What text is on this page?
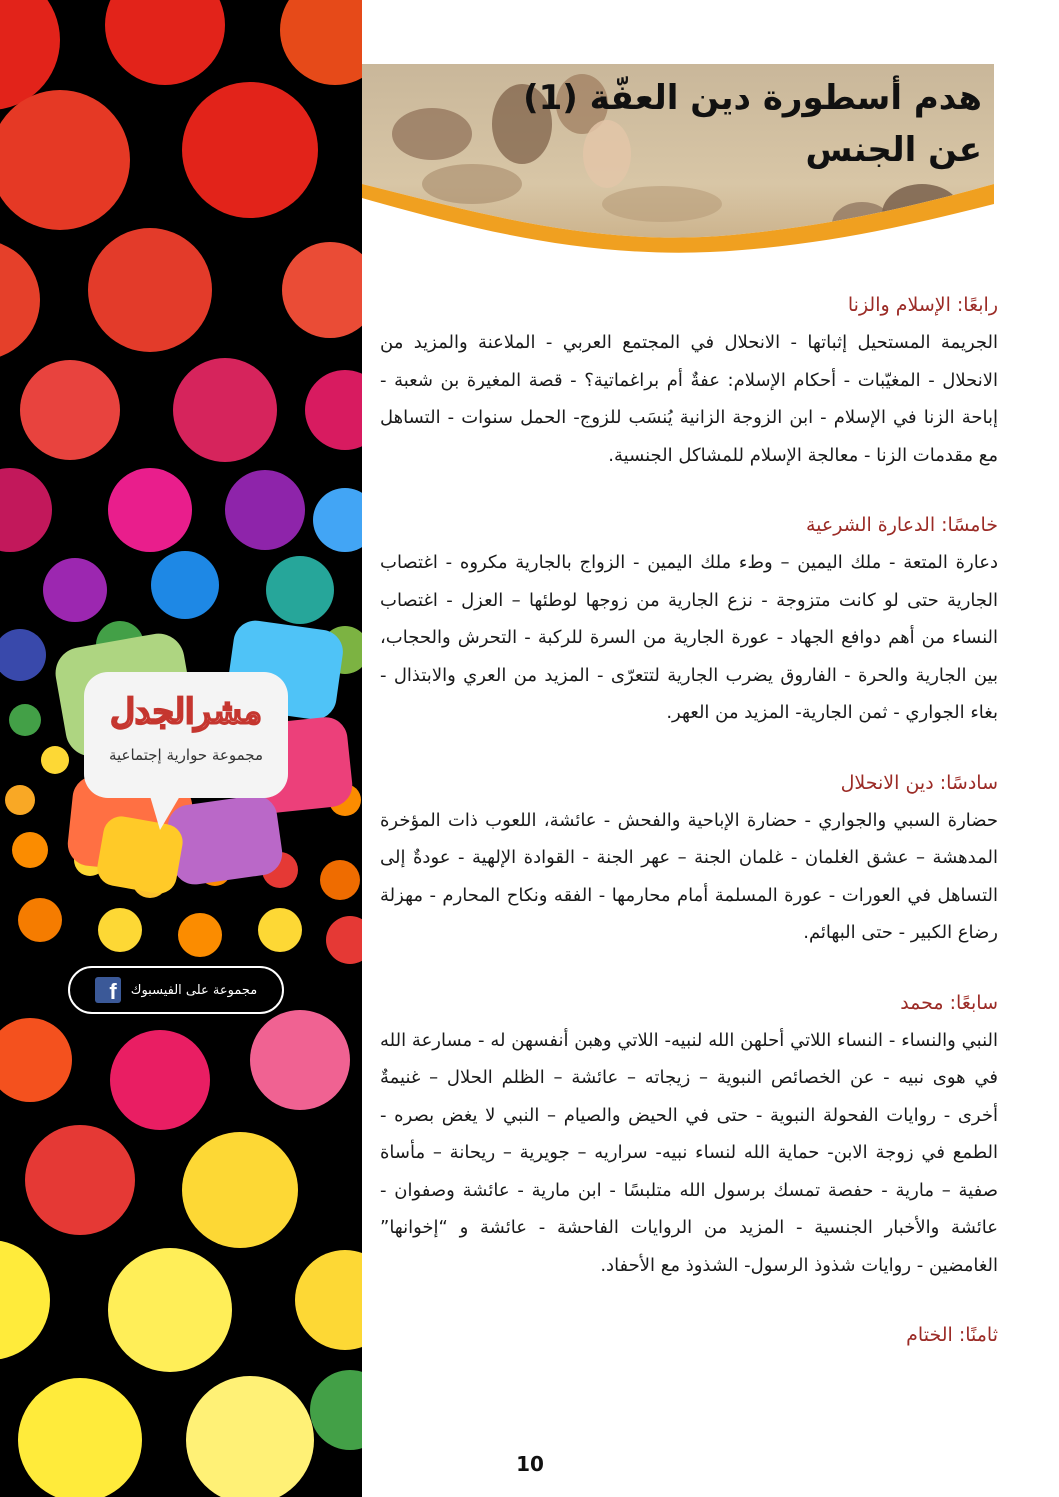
مشرالجدل
مجموعة حوارية إجتماعية
مجموعة على الفيسبوك
f
هدم أسطورة دين العفّة (1)
عن الجنس
رابعًا: الإسلام والزنا

الجريمة المستحيل إثباتها - الانحلال في المجتمع العربي - الملاعنة والمزيد من الانحلال - المغيّبات - أحكام الإسلام: عفةٌ أم براغماتية؟ - قصة المغيرة بن شعبة - إباحة الزنا في الإسلام - ابن الزوجة الزانية يُنسَب للزوج- الحمل سنوات - التساهل مع مقدمات الزنا - معالجة الإسلام للمشاكل الجنسية.

خامسًا: الدعارة الشرعية

دعارة المتعة - ملك اليمين – وطء ملك اليمين - الزواج بالجارية مكروه - اغتصاب الجارية حتى لو كانت متزوجة - نزع الجارية من زوجها لوطئها – العزل - اغتصاب النساء من أهم دوافع الجهاد - عورة الجارية من السرة للركبة - التحرش والحجاب، بين الجارية والحرة - الفاروق يضرب الجارية لتتعرّى - المزيد من العري والابتذال - بغاء الجواري - ثمن الجارية- المزيد من العهر.

سادسًا: دين الانحلال

حضارة السبي والجواري - حضارة الإباحية والفحش - عائشة، اللعوب ذات المؤخرة المدهشة – عشق الغلمان - غلمان الجنة – عهر الجنة - القوادة الإلهية - عودةٌ إلى التساهل في العورات - عورة المسلمة أمام محارمها - الفقه ونكاح المحارم - مهزلة رضاع الكبير - حتى البهائم.

سابعًا: محمد

النبي والنساء - النساء اللاتي أحلهن الله لنبيه- اللاتي وهبن أنفسهن له - مسارعة الله في هوى نبيه - عن الخصائص النبوية – زيجاته – عائشة – الظلم الحلال – غنيمةٌ أخرى - روايات الفحولة النبوية - حتى في الحيض والصيام – النبي لا يغض بصره - الطمع في زوجة الابن- حماية الله لنساء نبيه- سراريه – جويرية – ريحانة – مأساة صفية – مارية - حفصة تمسك برسول الله متلبسًا - ابن مارية - عائشة وصفوان - عائشة والأخبار الجنسية - المزيد من الروايات الفاحشة - عائشة و “إخوانها” الغامضين - روايات شذوذ الرسول- الشذوذ مع الأحفاد.

ثامنًا: الختام
10
